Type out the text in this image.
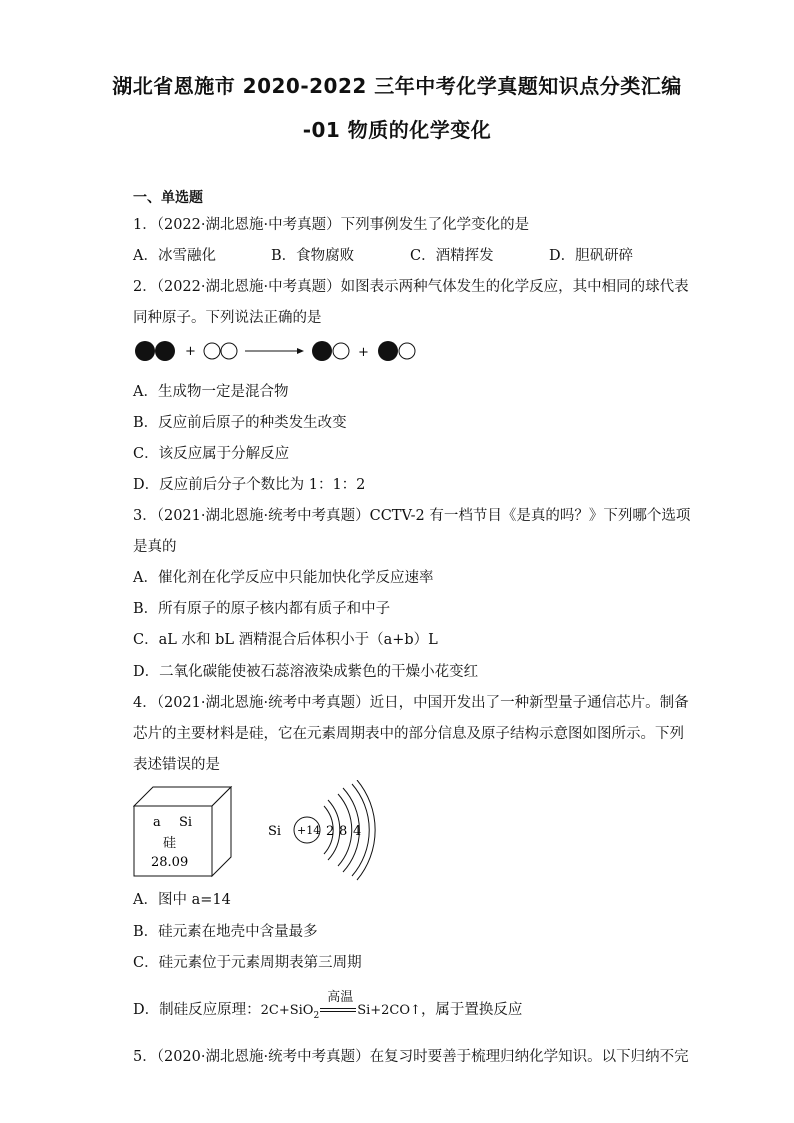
湖北省恩施市 2020-2022 三年中考化学真题知识点分类汇编
-01 物质的化学变化
一、单选题
1．（2022·湖北恩施·中考真题）下列事例发生了化学变化的是
A．冰雪融化	B．食物腐败	C．酒精挥发	D．胆矾研碎
2．（2022·湖北恩施·中考真题）如图表示两种气体发生的化学反应，其中相同的球代表
同种原子。下列说法正确的是
+	+
A．生成物一定是混合物
B．反应前后原子的种类发生改变
C．该反应属于分解反应
D．反应前后分子个数比为 1：1：2
3．（2021·湖北恩施·统考中考真题）CCTV-2 有一档节目《是真的吗？》下列哪个选项
是真的
A．催化剂在化学反应中只能加快化学反应速率
B．所有原子的原子核内都有质子和中子
C．aL 水和 bL 酒精混合后体积小于（a+b）L
D．二氧化碳能使被石蕊溶液染成紫色的干燥小花变红
4．（2021·湖北恩施·统考中考真题）近日，中国开发出了一种新型量子通信芯片。制备
芯片的主要材料是硅，它在元素周期表中的部分信息及原子结构示意图如图所示。下列
表述错误的是
a Si
硅
28.09
Si +14 2 8 4
A．图中 a=14
B．硅元素在地壳中含量最多
C．硅元素位于元素周期表第三周期
D．制硅反应原理：2C+SiO$_2$
高温
Si+2CO↑，属于置换反应
5．（2020·湖北恩施·统考中考真题）在复习时要善于梳理归纳化学知识。以下归纳不完
